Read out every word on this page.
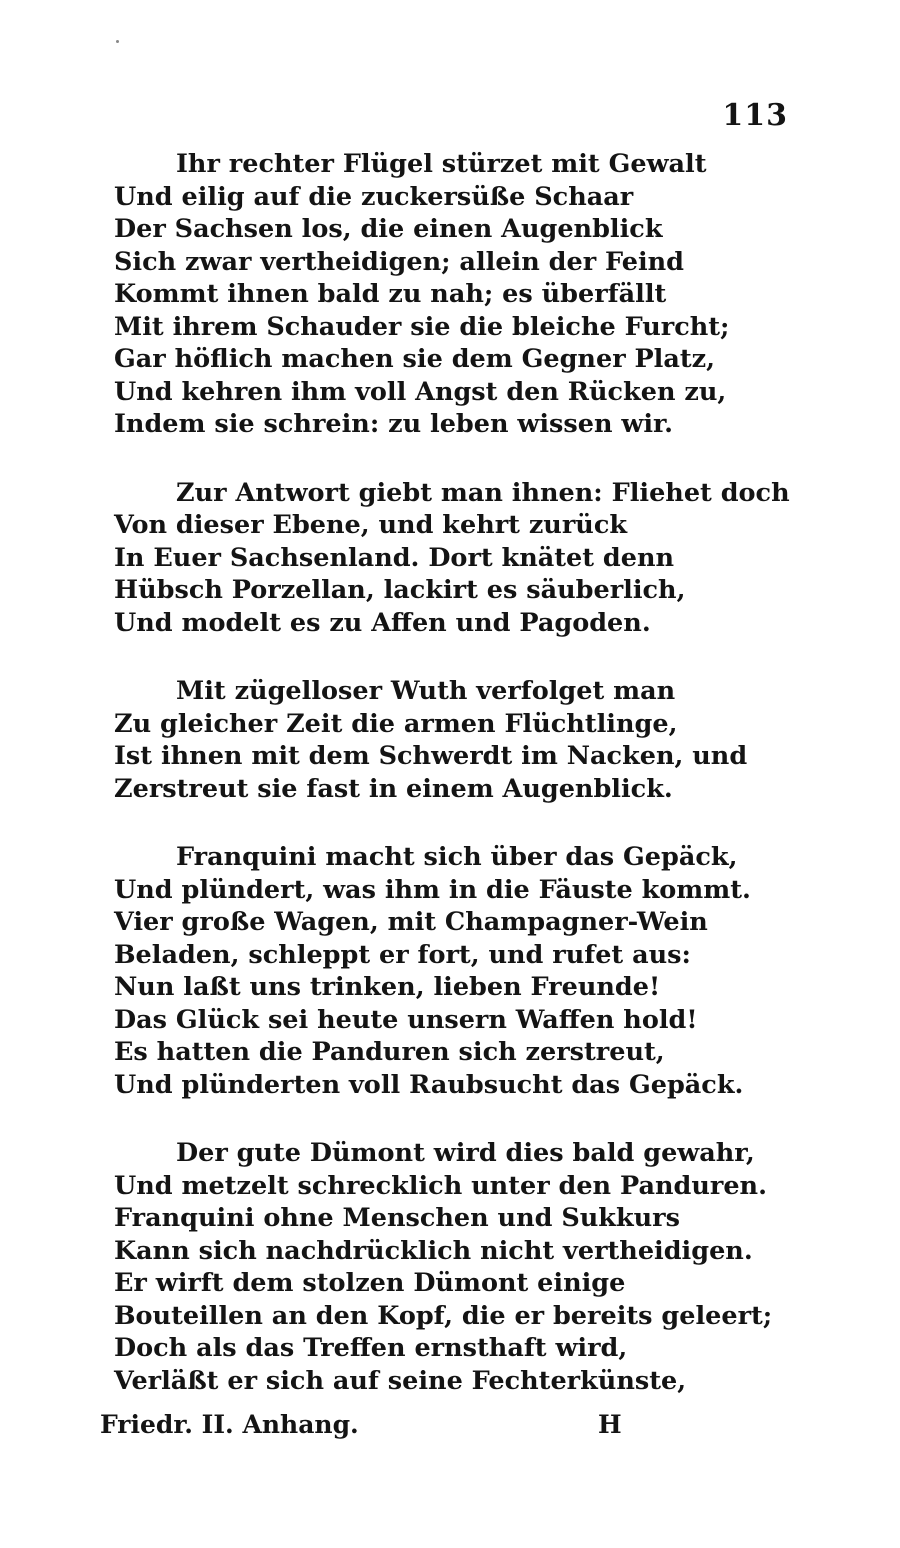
113
Ihr rechter Flügel stürzet mit Gewalt
Und eilig auf die zuckersüße Schaar
Der Sachsen los, die einen Augenblick
Sich zwar vertheidigen; allein der Feind
Kommt ihnen bald zu nah; es überfällt
Mit ihrem Schauder sie die bleiche Furcht;
Gar höflich machen sie dem Gegner Platz,
Und kehren ihm voll Angst den Rücken zu,
Indem sie schrein: zu leben wissen wir.
Zur Antwort giebt man ihnen: Fliehet doch
Von dieser Ebene, und kehrt zurück
In Euer Sachsenland. Dort knätet denn
Hübsch Porzellan, lackirt es säuberlich,
Und modelt es zu Affen und Pagoden.
Mit zügelloser Wuth verfolget man
Zu gleicher Zeit die armen Flüchtlinge,
Ist ihnen mit dem Schwerdt im Nacken, und
Zerstreut sie fast in einem Augenblick.
Franquini macht sich über das Gepäck,
Und plündert, was ihm in die Fäuste kommt.
Vier große Wagen, mit Champagner-Wein
Beladen, schleppt er fort, und rufet aus:
Nun laßt uns trinken, lieben Freunde!
Das Glück sei heute unsern Waffen hold!
Es hatten die Panduren sich zerstreut,
Und plünderten voll Raubsucht das Gepäck.
Der gute Dümont wird dies bald gewahr,
Und metzelt schrecklich unter den Panduren.
Franquini ohne Menschen und Sukkurs
Kann sich nachdrücklich nicht vertheidigen.
Er wirft dem stolzen Dümont einige
Bouteillen an den Kopf, die er bereits geleert;
Doch als das Treffen ernsthaft wird,
Verläßt er sich auf seine Fechterkünste,
Friedr. II. Anhang.	H
